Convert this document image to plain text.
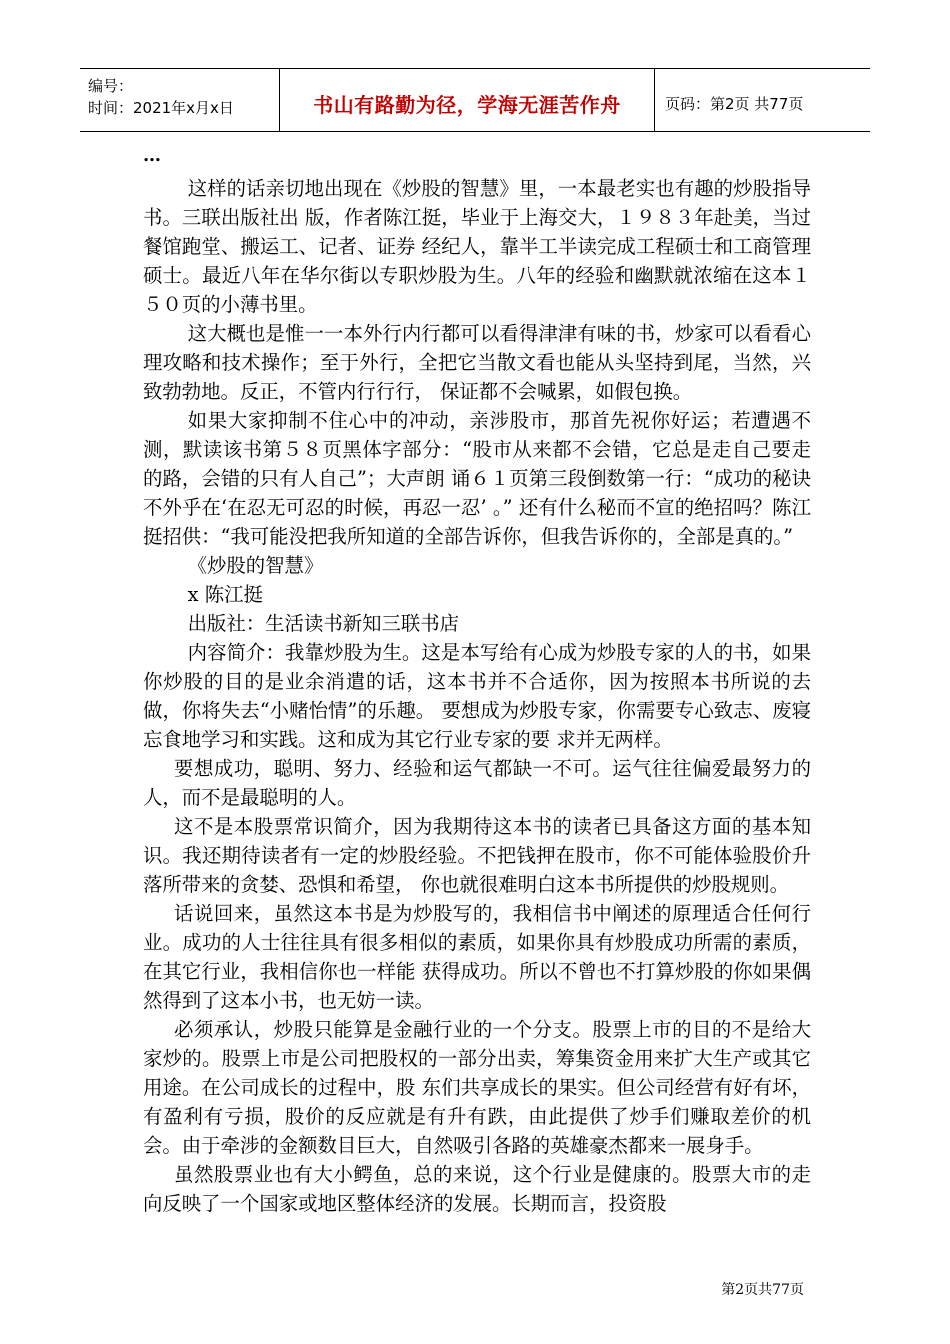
编号：
时间：2021年x月x日	书山有路勤为径，学海无涯苦作舟	页码：第2页 共77页
…

这样的话亲切地出现在《炒股的智慧》里，一本最老实也有趣的炒股指导书。三联出版社出 版，作者陈江挺，毕业于上海交大，１９８３年赴美，当过餐馆跑堂、搬运工、记者、证券 经纪人，靠半工半读完成工程硕士和工商管理硕士。最近八年在华尔街以专职炒股为生。八年的经验和幽默就浓缩在这本１５０页的小薄书里。

这大概也是惟一一本外行内行都可以看得津津有味的书，炒家可以看看心理攻略和技术操作；至于外行，全把它当散文看也能从头坚持到尾，当然，兴致勃勃地。反正，不管内行行行， 保证都不会喊累，如假包换。

如果大家抑制不住心中的冲动，亲涉股市，那首先祝你好运；若遭遇不测，默读该书第５８页黑体字部分：“股市从来都不会错，它总是走自己要走的路，会错的只有人自己”；大声朗 诵６１页第三段倒数第一行：“成功的秘诀不外乎在‘在忍无可忍的时候，再忍一忍’ 。” 还有什么秘而不宣的绝招吗？陈江挺招供：“我可能没把我所知道的全部告诉你，但我告诉你的，全部是真的。”

《炒股的智慧》

x 陈江挺

出版社：生活读书新知三联书店

内容简介：我靠炒股为生。这是本写给有心成为炒股专家的人的书，如果你炒股的目的是业余消遣的话，这本书并不合适你，因为按照本书所说的去做，你将失去“小赌怡情”的乐趣。 要想成为炒股专家，你需要专心致志、废寝忘食地学习和实践。这和成为其它行业专家的要 求并无两样。

要想成功，聪明、努力、经验和运气都缺一不可。运气往往偏爱最努力的人，而不是最聪明的人。

这不是本股票常识简介，因为我期待这本书的读者已具备这方面的基本知识。我还期待读者有一定的炒股经验。不把钱押在股市，你不可能体验股价升落所带来的贪婪、恐惧和希望， 你也就很难明白这本书所提供的炒股规则。

话说回来，虽然这本书是为炒股写的，我相信书中阐述的原理适合任何行业。成功的人士往往具有很多相似的素质，如果你具有炒股成功所需的素质，在其它行业，我相信你也一样能 获得成功。所以不曾也不打算炒股的你如果偶然得到了这本小书，也无妨一读。

必须承认，炒股只能算是金融行业的一个分支。股票上市的目的不是给大家炒的。股票上市是公司把股权的一部分出卖，筹集资金用来扩大生产或其它用途。在公司成长的过程中，股 东们共享成长的果实。但公司经营有好有坏，有盈利有亏损，股价的反应就是有升有跌，由此提供了炒手们赚取差价的机会。由于牵涉的金额数目巨大，自然吸引各路的英雄豪杰都来一展身手。

虽然股票业也有大小鳄鱼，总的来说，这个行业是健康的。股票大市的走向反映了一个国家或地区整体经济的发展。长期而言，投资股

第2页共77页
